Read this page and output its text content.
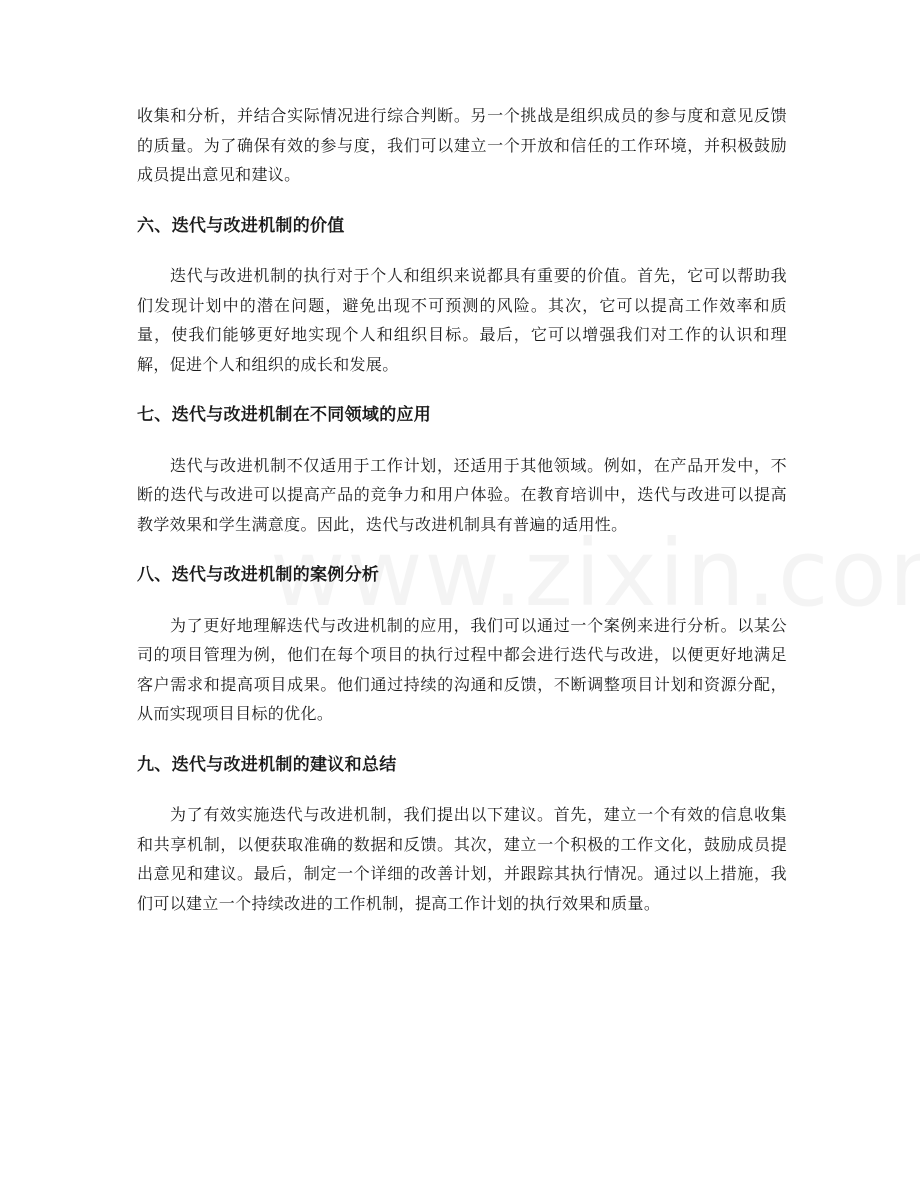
收集和分析，并结合实际情况进行综合判断。另一个挑战是组织成员的参与度和意见反馈的质量。为了确保有效的参与度，我们可以建立一个开放和信任的工作环境，并积极鼓励成员提出意见和建议。

六、迭代与改进机制的价值

迭代与改进机制的执行对于个人和组织来说都具有重要的价值。首先，它可以帮助我们发现计划中的潜在问题，避免出现不可预测的风险。其次，它可以提高工作效率和质量，使我们能够更好地实现个人和组织目标。最后，它可以增强我们对工作的认识和理解，促进个人和组织的成长和发展。

七、迭代与改进机制在不同领域的应用

迭代与改进机制不仅适用于工作计划，还适用于其他领域。例如，在产品开发中，不断的迭代与改进可以提高产品的竞争力和用户体验。在教育培训中，迭代与改进可以提高教学效果和学生满意度。因此，迭代与改进机制具有普遍的适用性。

八、迭代与改进机制的案例分析

为了更好地理解迭代与改进机制的应用，我们可以通过一个案例来进行分析。以某公司的项目管理为例，他们在每个项目的执行过程中都会进行迭代与改进，以便更好地满足客户需求和提高项目成果。他们通过持续的沟通和反馈，不断调整项目计划和资源分配，从而实现项目目标的优化。

九、迭代与改进机制的建议和总结

为了有效实施迭代与改进机制，我们提出以下建议。首先，建立一个有效的信息收集和共享机制，以便获取准确的数据和反馈。其次，建立一个积极的工作文化，鼓励成员提出意见和建议。最后，制定一个详细的改善计划，并跟踪其执行情况。通过以上措施，我们可以建立一个持续改进的工作机制，提高工作计划的执行效果和质量。
